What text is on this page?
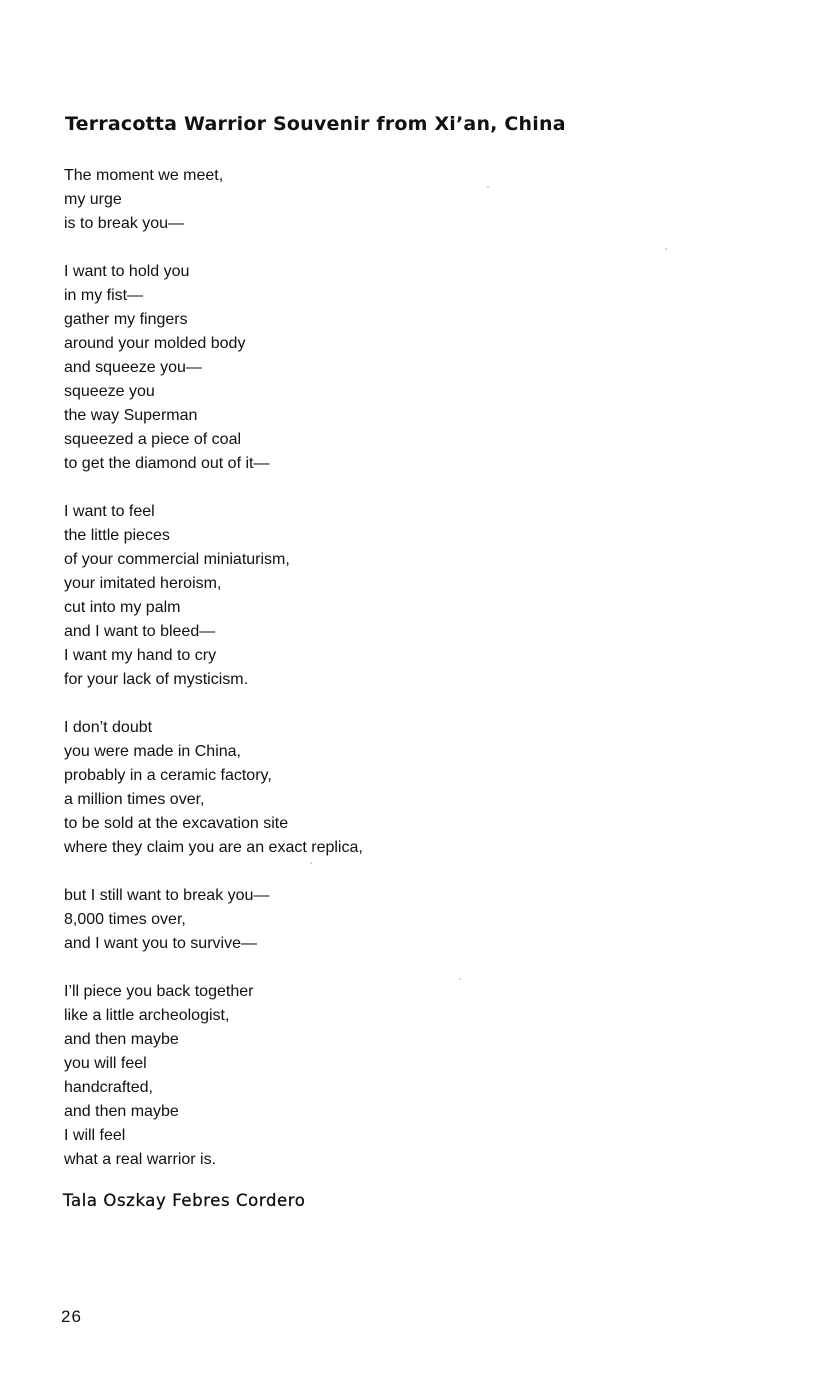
Terracotta Warrior Souvenir from Xi’an, China
The moment we meet,
my urge
is to break you—
I want to hold you
in my fist—
gather my fingers
around your molded body
and squeeze you—
squeeze you
the way Superman
squeezed a piece of coal
to get the diamond out of it—
I want to feel
the little pieces
of your commercial miniaturism,
your imitated heroism,
cut into my palm
and I want to bleed—
I want my hand to cry
for your lack of mysticism.
I don’t doubt
you were made in China,
probably in a ceramic factory,
a million times over,
to be sold at the excavation site
where they claim you are an exact replica,
but I still want to break you—
8,000 times over,
and I want you to survive—
I’ll piece you back together
like a little archeologist,
and then maybe
you will feel
handcrafted,
and then maybe
I will feel
what a real warrior is.

Tala Oszkay Febres Cordero

26
